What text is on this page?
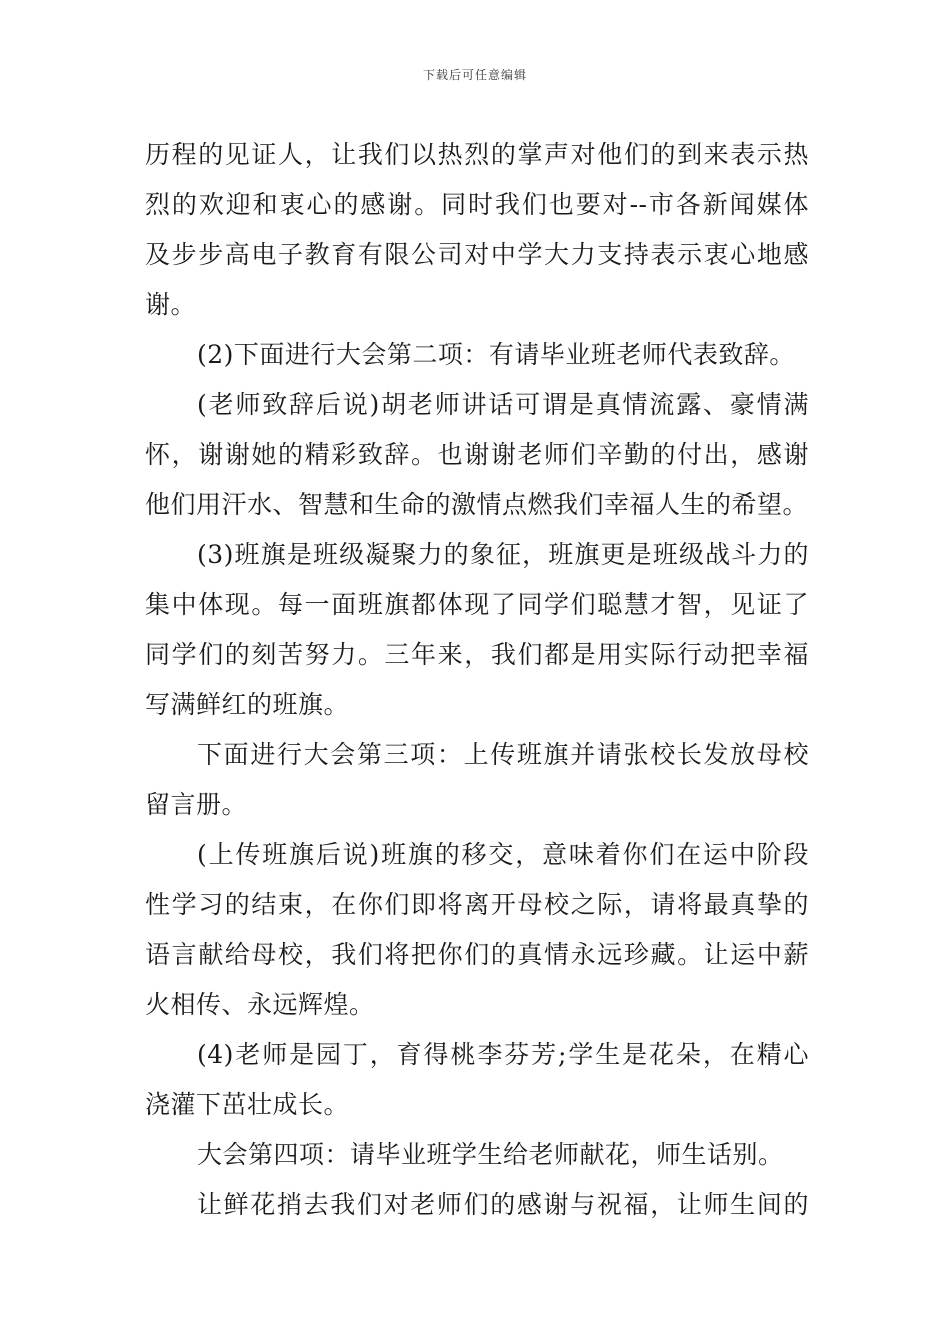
下载后可任意编辑
历程的见证人，让我们以热烈的掌声对他们的到来表示热
烈的欢迎和衷心的感谢。同时我们也要对--市各新闻媒体
及步步高电子教育有限公司对中学大力支持表示衷心地感
谢。
(2)下面进行大会第二项：有请毕业班老师代表致辞。
(老师致辞后说)胡老师讲话可谓是真情流露、豪情满
怀，谢谢她的精彩致辞。也谢谢老师们辛勤的付出，感谢
他们用汗水、智慧和生命的激情点燃我们幸福人生的希望。
(3)班旗是班级凝聚力的象征，班旗更是班级战斗力的
集中体现。每一面班旗都体现了同学们聪慧才智，见证了
同学们的刻苦努力。三年来，我们都是用实际行动把幸福
写满鲜红的班旗。
下面进行大会第三项：上传班旗并请张校长发放母校
留言册。
(上传班旗后说)班旗的移交，意味着你们在运中阶段
性学习的结束，在你们即将离开母校之际，请将最真挚的
语言献给母校，我们将把你们的真情永远珍藏。让运中薪
火相传、永远辉煌。
(4)老师是园丁，育得桃李芬芳;学生是花朵，在精心
浇灌下茁壮成长。
大会第四项：请毕业班学生给老师献花，师生话别。
让鲜花捎去我们对老师们的感谢与祝福，让师生间的
